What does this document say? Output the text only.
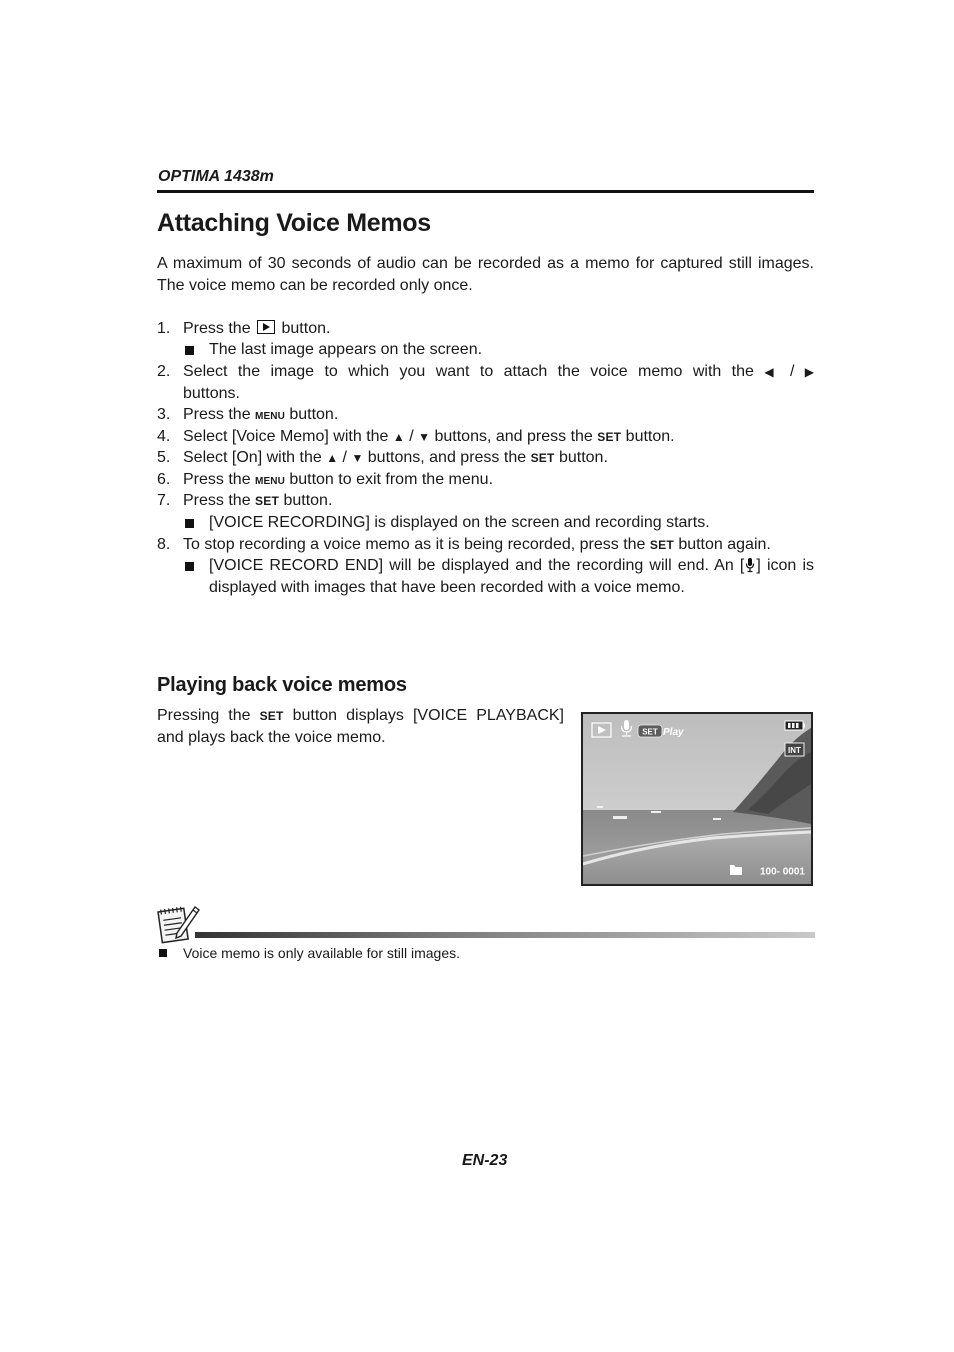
OPTIMA 1438m
Attaching Voice Memos
A maximum of 30 seconds of audio can be recorded as a memo for captured still images. The voice memo can be recorded only once.
1. Press the button.
The last image appears on the screen.
2. Select the image to which you want to attach the voice memo with the ◀ / ▶
buttons.
3. Press the MENU button.
4. Select [Voice Memo] with the ▲ / ▼ buttons, and press the SET button.
5. Select [On] with the ▲ / ▼ buttons, and press the SET button.
6. Press the MENU button to exit from the menu.
7. Press the SET button.
[VOICE RECORDING] is displayed on the screen and recording starts.
8. To stop recording a voice memo as it is being recorded, press the SET button again.
[VOICE RECORD END] will be displayed and the recording will end. An [ ] icon is displayed with images that have been recorded with a voice memo.
Playing back voice memos
Pressing the SET button displays [VOICE PLAYBACK] and plays back the voice memo.	SET Play
INT
100- 0001
Voice memo is only available for still images.
EN-23
